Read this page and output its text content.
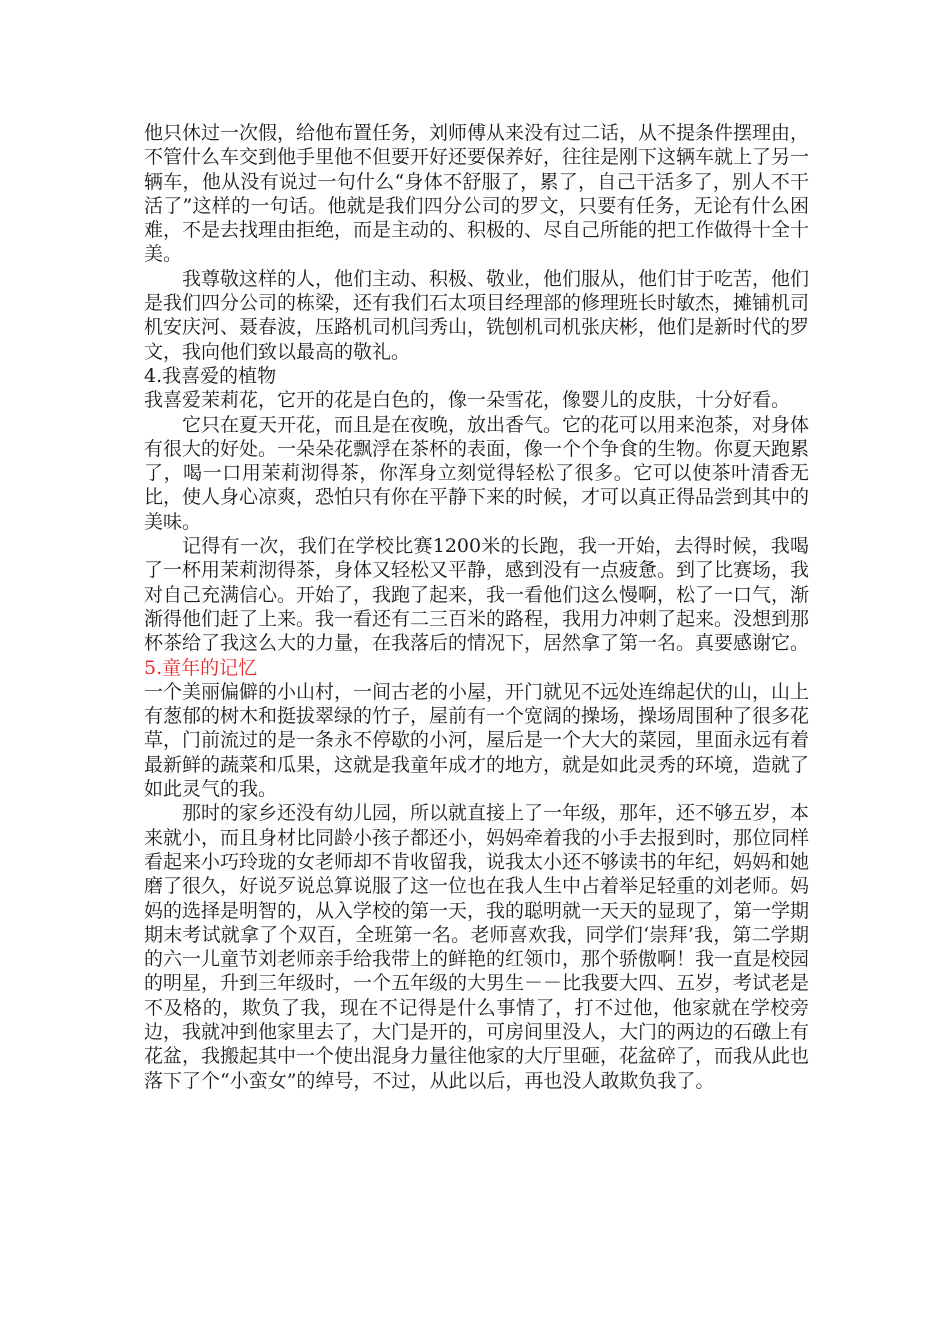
他只休过一次假，给他布置任务，刘师傅从来没有过二话，从不提条件摆理由，不管什么车交到他手里他不但要开好还要保养好，往往是刚下这辆车就上了另一辆车，他从没有说过一句什么“身体不舒服了，累了，自己干活多了，别人不干活了”这样的一句话。他就是我们四分公司的罗文，只要有任务，无论有什么困难，不是去找理由拒绝，而是主动的、积极的、尽自己所能的把工作做得十全十美。

我尊敬这样的人，他们主动、积极、敬业，他们服从，他们甘于吃苦，他们是我们四分公司的栋梁，还有我们石太项目经理部的修理班长时敏杰，摊铺机司机安庆河、聂春波，压路机司机闫秀山，铣刨机司机张庆彬，他们是新时代的罗文，我向他们致以最高的敬礼。

4.我喜爱的植物

我喜爱茉莉花，它开的花是白色的，像一朵雪花，像婴儿的皮肤，十分好看。

它只在夏天开花，而且是在夜晚，放出香气。它的花可以用来泡茶，对身体有很大的好处。一朵朵花飘浮在茶杯的表面，像一个个争食的生物。你夏天跑累了，喝一口用茉莉沏得茶，你浑身立刻觉得轻松了很多。它可以使茶叶清香无比，使人身心凉爽，恐怕只有你在平静下来的时候，才可以真正得品尝到其中的美味。

记得有一次，我们在学校比赛1200米的长跑，我一开始，去得时候，我喝了一杯用茉莉沏得茶，身体又轻松又平静，感到没有一点疲惫。到了比赛场，我对自己充满信心。开始了，我跑了起来，我一看他们这么慢啊，松了一口气，渐渐得他们赶了上来。我一看还有二三百米的路程，我用力冲刺了起来。没想到那杯茶给了我这么大的力量，在我落后的情况下，居然拿了第一名。真要感谢它。

5.童年的记忆

一个美丽偏僻的小山村，一间古老的小屋，开门就见不远处连绵起伏的山，山上有葱郁的树木和挺拔翠绿的竹子，屋前有一个宽阔的操场，操场周围种了很多花草，门前流过的是一条永不停歇的小河，屋后是一个大大的菜园，里面永远有着最新鲜的蔬菜和瓜果，这就是我童年成才的地方，就是如此灵秀的环境，造就了如此灵气的我。

那时的家乡还没有幼儿园，所以就直接上了一年级，那年，还不够五岁，本来就小，而且身材比同龄小孩子都还小，妈妈牵着我的小手去报到时，那位同样看起来小巧玲珑的女老师却不肯收留我，说我太小还不够读书的年纪，妈妈和她磨了很久，好说歹说总算说服了这一位也在我人生中占着举足轻重的刘老师。妈妈的选择是明智的，从入学校的第一天，我的聪明就一天天的显现了，第一学期期末考试就拿了个双百，全班第一名。老师喜欢我，同学们‘崇拜’我，第二学期的六一儿童节刘老师亲手给我带上的鲜艳的红领巾，那个骄傲啊！我一直是校园的明星，升到三年级时，一个五年级的大男生－－比我要大四、五岁，考试老是不及格的，欺负了我，现在不记得是什么事情了，打不过他，他家就在学校旁边，我就冲到他家里去了，大门是开的，可房间里没人，大门的两边的石礅上有花盆，我搬起其中一个使出混身力量往他家的大厅里砸，花盆碎了，而我从此也落下了个“小蛮女”的绰号，不过，从此以后，再也没人敢欺负我了。
